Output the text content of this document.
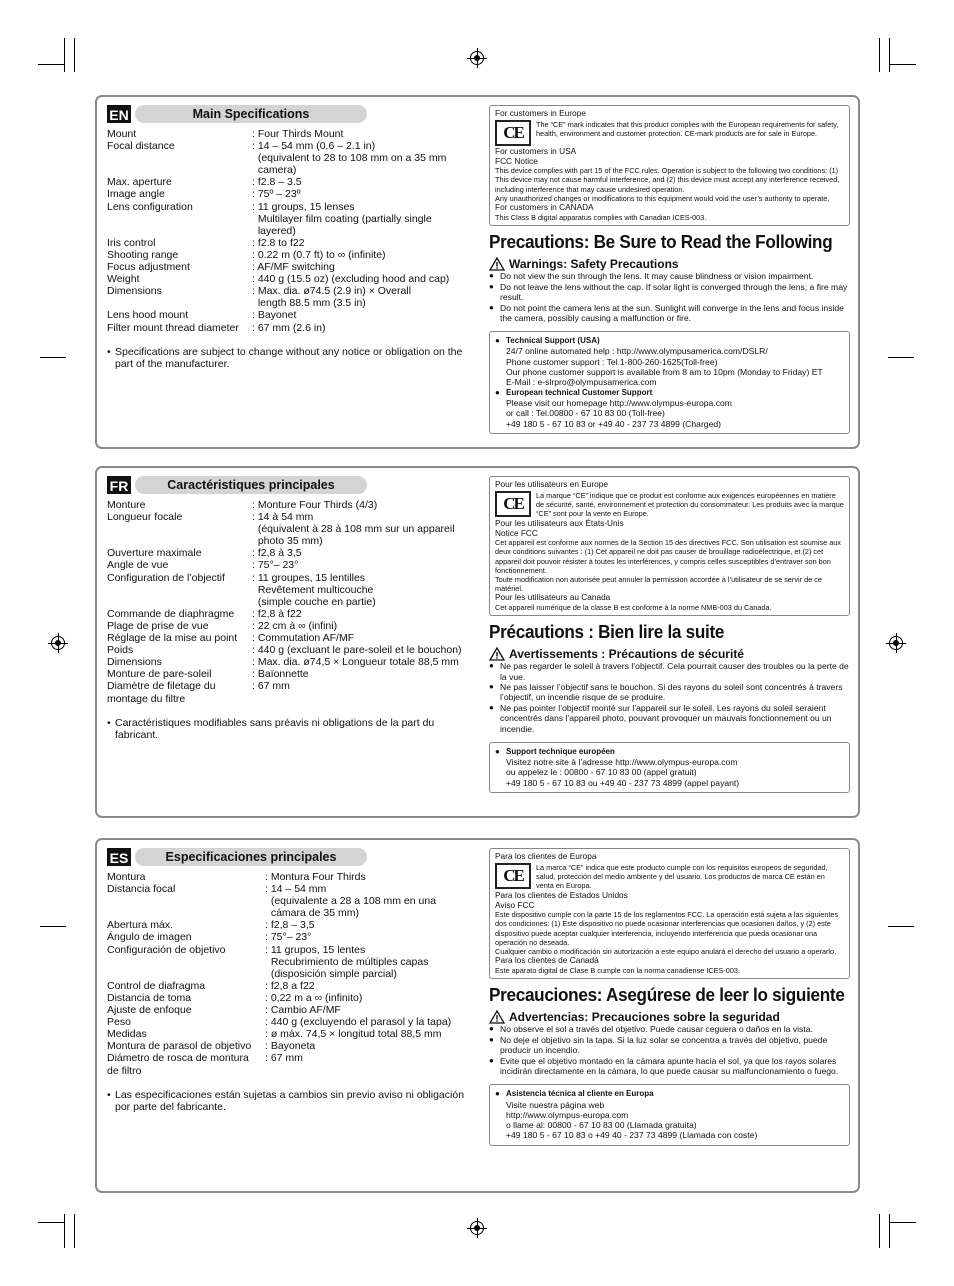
EN	Main Specifications
Mount	: Four Thirds Mount
Focal distance	: 14 – 54 mm (0.6 – 2.1 in)
(equivalent to 28 to 108 mm on a 35 mm
camera)
Max. aperture	: f2.8 – 3.5
Image angle	: 75º – 23º
Lens configuration	: 11 groups, 15 lenses
Multilayer film coating (partially single
layered)
Iris control	: f2.8 to f22
Shooting range	: 0.22 m (0.7 ft) to ∞ (infinite)
Focus adjustment	: AF/MF switching
Weight	: 440 g (15.5 oz) (excluding hood and cap)
Dimensions	: Max. dia. ø74.5 (2.9 in) × Overall
length 88.5 mm (3.5 in)
Lens hood mount	: Bayonet
Filter mount thread diameter	: 67 mm (2.6 in)
• Specifications are subject to change without any notice or obligation on the part of the manufacturer.
For customers in Europe
CE	The “CE” mark indicates that this product complies with the European requirements for safety, health, environment and customer protection. CE-mark products are for sale in Europe.
For customers in USA
FCC Notice
This device complies with part 15 of the FCC rules. Operation is subject to the following two conditions: (1) This device may not cause harmful interference, and (2) this device must accept any interference received, including interference that may cause undesired operation.
Any unauthorized changes or modifications to this equipment would void the user’s authority to operate.
For customers in CANADA
This Class B digital apparatus complies with Canadian ICES-003.
Precautions: Be Sure to Read the Following
Warnings: Safety Precautions
● Do not view the sun through the lens. It may cause blindness or vision impairment.
● Do not leave the lens without the cap. If solar light is converged through the lens, a fire may result.
● Do not point the camera lens at the sun. Sunlight will converge in the lens and focus inside the camera, possibly causing a malfunction or fire.
● Technical Support (USA)
24/7 online automated help : http://www.olympusamerica.com/DSLR/
Phone customer support : Tel.1-800-260-1625(Toll-free)
Our phone customer support is available from 8 am to 10pm (Monday to Friday) ET
E-Mail : e-slrpro@olympusamerica.com
● European technical Customer Support
Please visit our homepage http://www.olympus-europa.com
or call : Tel.00800 - 67 10 83 00 (Toll-free)
+49 180 5 - 67 10 83 or +49 40 - 237 73 4899 (Charged)
FR	Caractéristiques principales
Monture	: Monture Four Thirds (4/3)
Longueur focale	: 14 à 54 mm
(équivalent à 28 à 108 mm sur un appareil
photo 35 mm)
Ouverture maximale	: f2,8 à 3,5
Angle de vue	: 75°– 23°
Configuration de l’objectif	: 11 groupes, 15 lentilles
Revêtement multicouche
(simple couche en partie)
Commande de diaphragme	: f2,8 à f22
Plage de prise de vue	: 22 cm à ∞ (infini)
Réglage de la mise au point	: Commutation AF/MF
Poids	: 440 g (excluant le pare-soleil et le bouchon)
Dimensions	: Max. dia. ø74,5 × Longueur totale 88,5 mm
Monture de pare-soleil	: Baïonnette
Diamètre de filetage du	: 67 mm
montage du filtre
• Caractéristiques modifiables sans préavis ni obligations de la part du fabricant.
Pour les utilisateurs en Europe
CE	La marque “CE” indique que ce produit est conforme aux exigences européennes en matière de sécurité, santé, environnement et protection du consommateur. Les produits avec la marque “CE” sont pour la vente en Europe.
Pour les utilisateurs aux États-Unis
Notice FCC
Cet appareil est conforme aux normes de la Section 15 des directives FCC. Son utilisation est soumise aux deux conditions suivantes : (1) Cet appareil ne doit pas causer de brouillage radioélectrique, et (2) cet appareil doit pouvoir résister à toutes les interférences, y compris celles susceptibles d’entraver son bon fonctionnement.
Toute modification non autorisée peut annuler la permission accordée à l’utilisateur de se servir de ce matériel.
Pour les utilisateurs au Canada
Cet appareil numérique de la classe B est conforme à la norme NMB-003 du Canada.
Précautions : Bien lire la suite
Avertissements : Précautions de sécurité
● Ne pas regarder le soleil à travers l’objectif. Cela pourrait causer des troubles ou la perte de la vue.
● Ne pas laisser l’objectif sans le bouchon. Si des rayons du soleil sont concentrés à travers l’objectif, un incendie risque de se produire.
● Ne pas pointer l’objectif monté sur l’appareil sur le soleil. Les rayons du soleil seraient concentrés dans l’appareil photo, pouvant provoquer un mauvais fonctionnement ou un incendie.
● Support technique européen
Visitez notre site à l’adresse http://www.olympus-europa.com
ou appelez le : 00800 - 67 10 83 00 (appel gratuit)
+49 180 5 - 67 10 83 ou +49 40 - 237 73 4899 (appel payant)
ES	Especificaciones principales
Montura	: Montura Four Thirds
Distancia focal	: 14 – 54 mm
(equivalente a 28 a 108 mm en una
cámara de 35 mm)
Abertura máx.	: f2,8 – 3,5
Ángulo de imagen	: 75°– 23°
Configuración de objetivo	: 11 grupos, 15 lentes
Recubrimiento de múltiples capas
(disposición simple parcial)
Control de diafragma	: f2,8 a f22
Distancia de toma	: 0,22 m a ∞ (infinito)
Ajuste de enfoque	: Cambio AF/MF
Peso	: 440 g (excluyendo el parasol y la tapa)
Medidas	: ø máx. 74,5 × longitud total 88,5 mm
Montura de parasol de objetivo	: Bayoneta
Diámetro de rosca de montura	: 67 mm
de filtro
• Las especificaciones están sujetas a cambios sin previo aviso ni obligación por parte del fabricante.
Para los clientes de Europa
CE	La marca “CE” indica que este producto cumple con los requisitos europeos de seguridad, salud, protección del medio ambiente y del usuario. Los productos de marca CE están en venta en Europa.
Para los clientes de Estados Unidos
Aviso FCC
Este dispositivo cumple con la parte 15 de los reglamentos FCC. La operación está sujeta a las siguientes dos condiciones: (1) Este dispositivo no puede ocasionar interferencias que ocasionen daños, y (2) este dispositivo puede aceptar cualquier interferencia, incluyendo interferencia que pueda ocasionar una operación no deseada.
Cualquier cambio o modificación sin autorización a este equipo anulará el derecho del usuario a operarlo.
Para los clientes de Canadá
Este aparato digital de Clase B cumple con la norma canadiense ICES-003.
Precauciones: Asegúrese de leer lo siguiente
Advertencias: Precauciones sobre la seguridad
● No observe el sol a través del objetivo. Puede causar ceguera o daños en la vista.
● No deje el objetivo sin la tapa. Si la luz solar se concentra a través del objetivo, puede producir un incendio.
● Evite que el objetivo montado en la cámara apunte hacia el sol, ya que los rayos solares incidirán directamente en la cámara, lo que puede causar su malfuncionamiento o fuego.
● Asistencia técnica al cliente en Europa
Visite nuestra página web
http://www.olympus-europa.com
o llame al: 00800 - 67 10 83 00 (Llamada gratuita)
+49 180 5 - 67 10 83 o +49 40 - 237 73 4899 (Llamada con coste)
